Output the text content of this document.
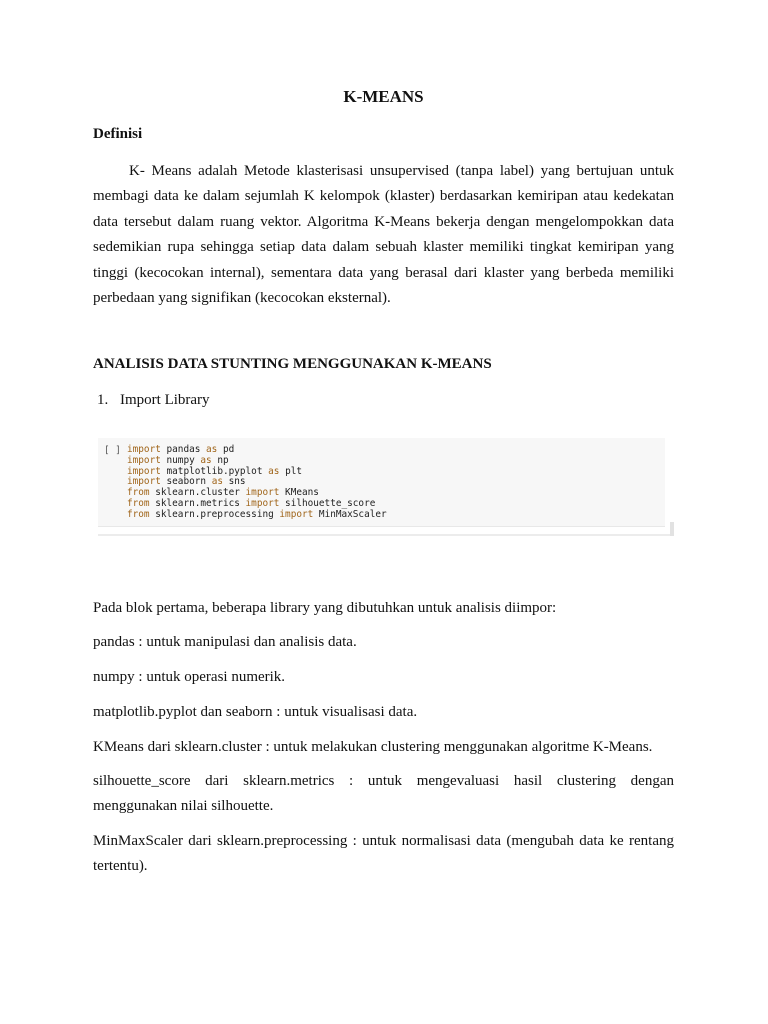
K-MEANS
Definisi

K- Means adalah Metode klasterisasi unsupervised (tanpa label) yang bertujuan untuk membagi data ke dalam sejumlah K kelompok (klaster) berdasarkan kemiripan atau kedekatan data tersebut dalam ruang vektor. Algoritma K-Means bekerja dengan mengelompokkan data sedemikian rupa sehingga setiap data dalam sebuah klaster memiliki tingkat kemiripan yang tinggi (kecocokan internal), sementara data yang berasal dari klaster yang berbeda memiliki perbedaan yang signifikan (kecocokan eksternal).

ANALISIS DATA STUNTING MENGGUNAKAN K-MEANS
1. Import Library
[ ] import pandas as pd
import numpy as np
import matplotlib.pyplot as plt
import seaborn as sns
from sklearn.cluster import KMeans
from sklearn.metrics import silhouette_score
from sklearn.preprocessing import MinMaxScaler

Pada blok pertama, beberapa library yang dibutuhkan untuk analisis diimpor:

pandas : untuk manipulasi dan analisis data.

numpy : untuk operasi numerik.

matplotlib.pyplot dan seaborn : untuk visualisasi data.

KMeans dari sklearn.cluster : untuk melakukan clustering menggunakan algoritme K-Means.

silhouette_score dari sklearn.metrics : untuk mengevaluasi hasil clustering dengan menggunakan nilai silhouette.

MinMaxScaler dari sklearn.preprocessing : untuk normalisasi data (mengubah data ke rentang tertentu).
